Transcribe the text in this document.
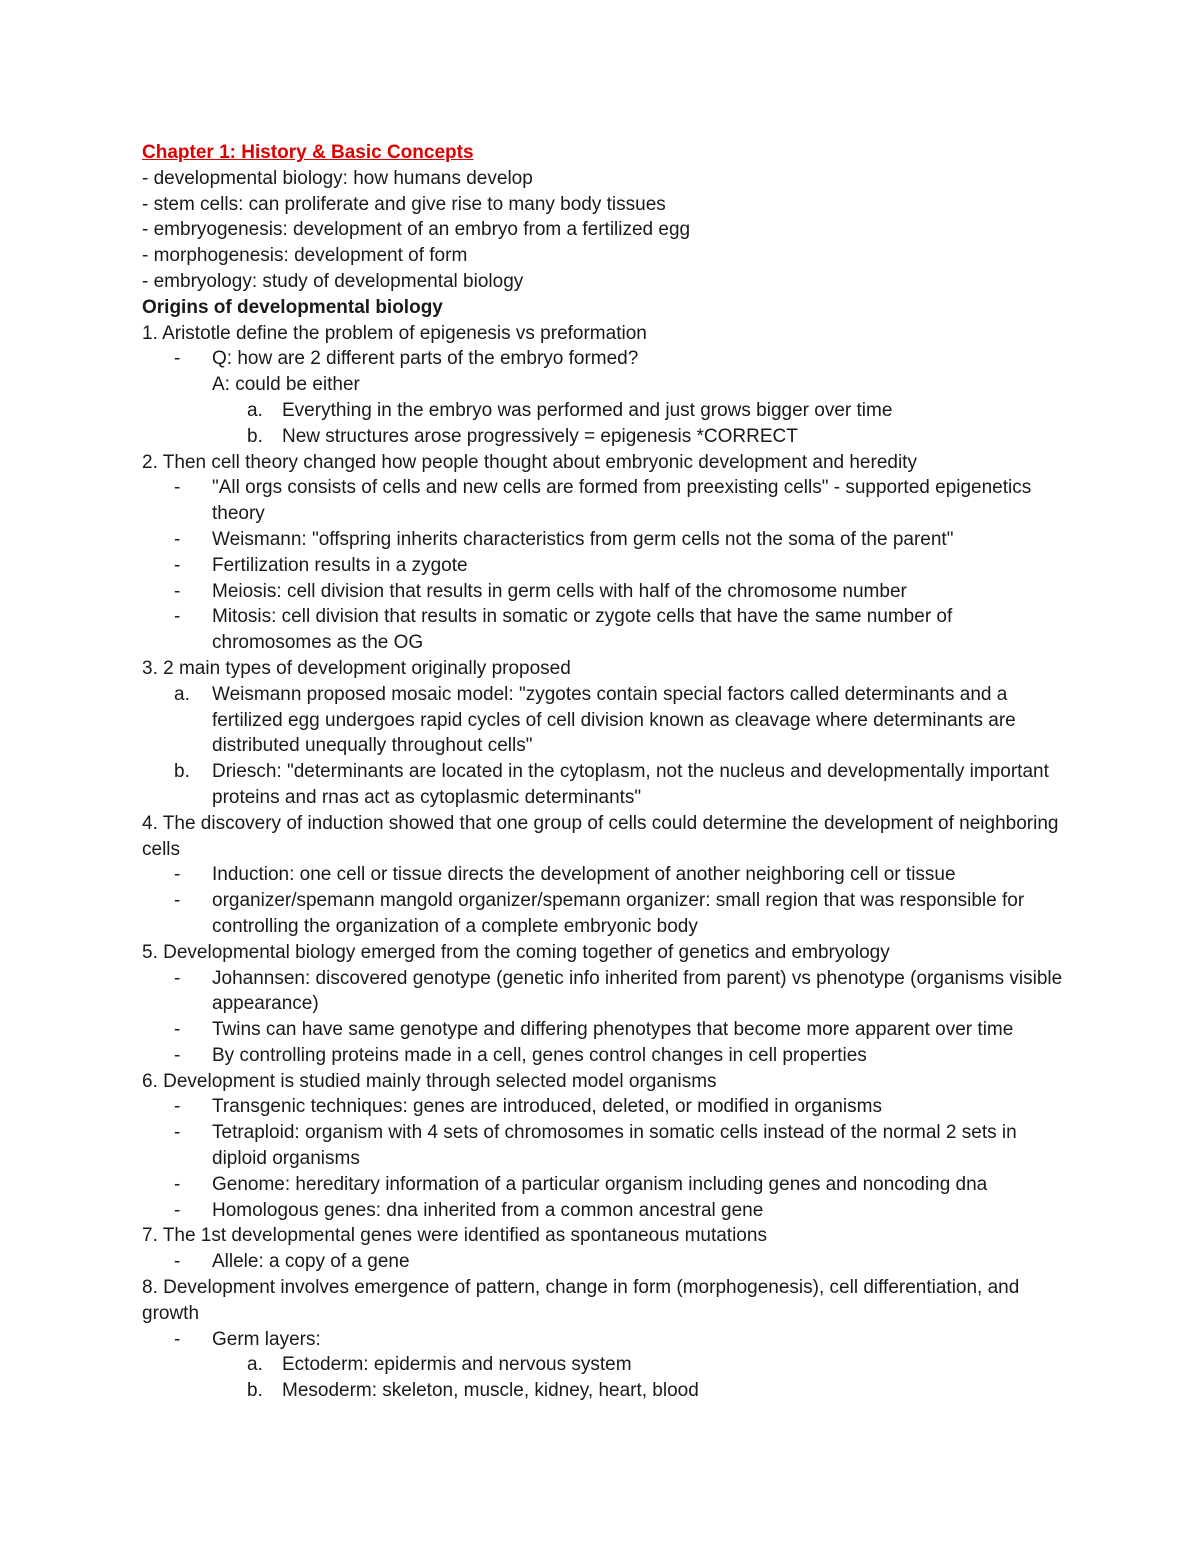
Chapter 1: History & Basic Concepts
- developmental biology: how humans develop
- stem cells: can proliferate and give rise to many body tissues
- embryogenesis: development of an embryo from a fertilized egg
- morphogenesis: development of form
- embryology: study of developmental biology
Origins of developmental biology
1. Aristotle define the problem of epigenesis vs preformation
-	Q: how are 2 different parts of the embryo formed?
A: could be either
a.	Everything in the embryo was performed and just grows bigger over time
b.	New structures arose progressively = epigenesis *CORRECT
2. Then cell theory changed how people thought about embryonic development and heredity
-	"All orgs consists of cells and new cells are formed from preexisting cells" - supported epigenetics theory
-	Weismann: "offspring inherits characteristics from germ cells not the soma of the parent"
-	Fertilization results in a zygote
-	Meiosis: cell division that results in germ cells with half of the chromosome number
-	Mitosis: cell division that results in somatic or zygote cells that have the same number of chromosomes as the OG
3. 2 main types of development originally proposed
a.	Weismann proposed mosaic model: "zygotes contain special factors called determinants and a fertilized egg undergoes rapid cycles of cell division known as cleavage where determinants are distributed unequally throughout cells"
b.	Driesch: "determinants are located in the cytoplasm, not the nucleus and developmentally important proteins and rnas act as cytoplasmic determinants"
4. The discovery of induction showed that one group of cells could determine the development of neighboring cells
-	Induction: one cell or tissue directs the development of another neighboring cell or tissue
-	organizer/spemann mangold organizer/spemann organizer: small region that was responsible for controlling the organization of a complete embryonic body
5. Developmental biology emerged from the coming together of genetics and embryology
-	Johannsen: discovered genotype (genetic info inherited from parent) vs phenotype (organisms visible appearance)
-	Twins can have same genotype and differing phenotypes that become more apparent over time
-	By controlling proteins made in a cell, genes control changes in cell properties
6. Development is studied mainly through selected model organisms
-	Transgenic techniques: genes are introduced, deleted, or modified in organisms
-	Tetraploid: organism with 4 sets of chromosomes in somatic cells instead of the normal 2 sets in diploid organisms
-	Genome: hereditary information of a particular organism including genes and noncoding dna
-	Homologous genes: dna inherited from a common ancestral gene
7. The 1st developmental genes were identified as spontaneous mutations
-	Allele: a copy of a gene
8. Development involves emergence of pattern, change in form (morphogenesis), cell differentiation, and growth
-	Germ layers:
a.	Ectoderm: epidermis and nervous system
b.	Mesoderm: skeleton, muscle, kidney, heart, blood
